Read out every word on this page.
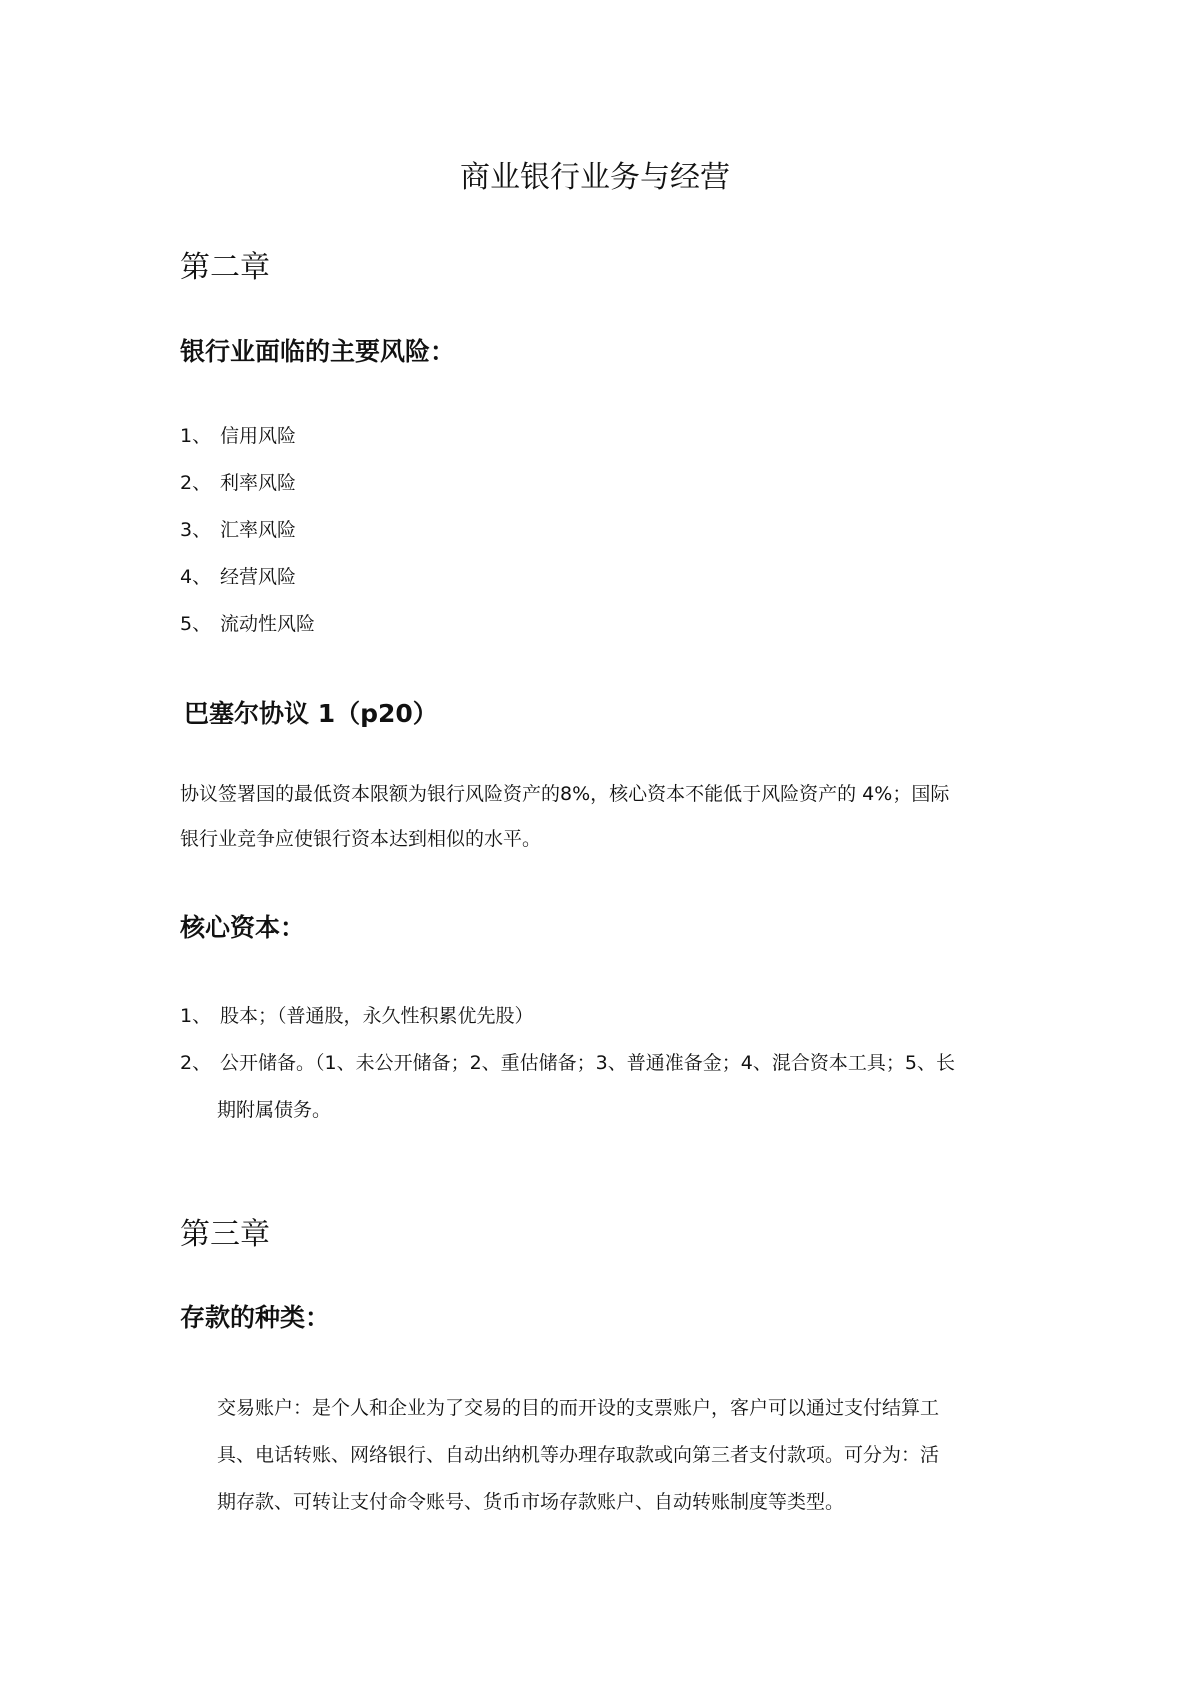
商业银行业务与经营
第二章
银行业面临的主要风险：
1、 信用风险
2、 利率风险
3、 汇率风险
4、 经营风险
5、 流动性风险
巴塞尔协议 1（p20）
协议签署国的最低资本限额为银行风险资产的8%，核心资本不能低于风险资产的 4%；国际
银行业竞争应使银行资本达到相似的水平。
核心资本：
1、 股本；（普通股，永久性积累优先股）
2、 公开储备。（1、未公开储备；2、重估储备；3、普通准备金；4、混合资本工具；5、长
期附属债务。
第三章
存款的种类：
交易账户：是个人和企业为了交易的目的而开设的支票账户，客户可以通过支付结算工
具、电话转账、网络银行、自动出纳机等办理存取款或向第三者支付款项。可分为：活
期存款、可转让支付命令账号、货币市场存款账户、自动转账制度等类型。
